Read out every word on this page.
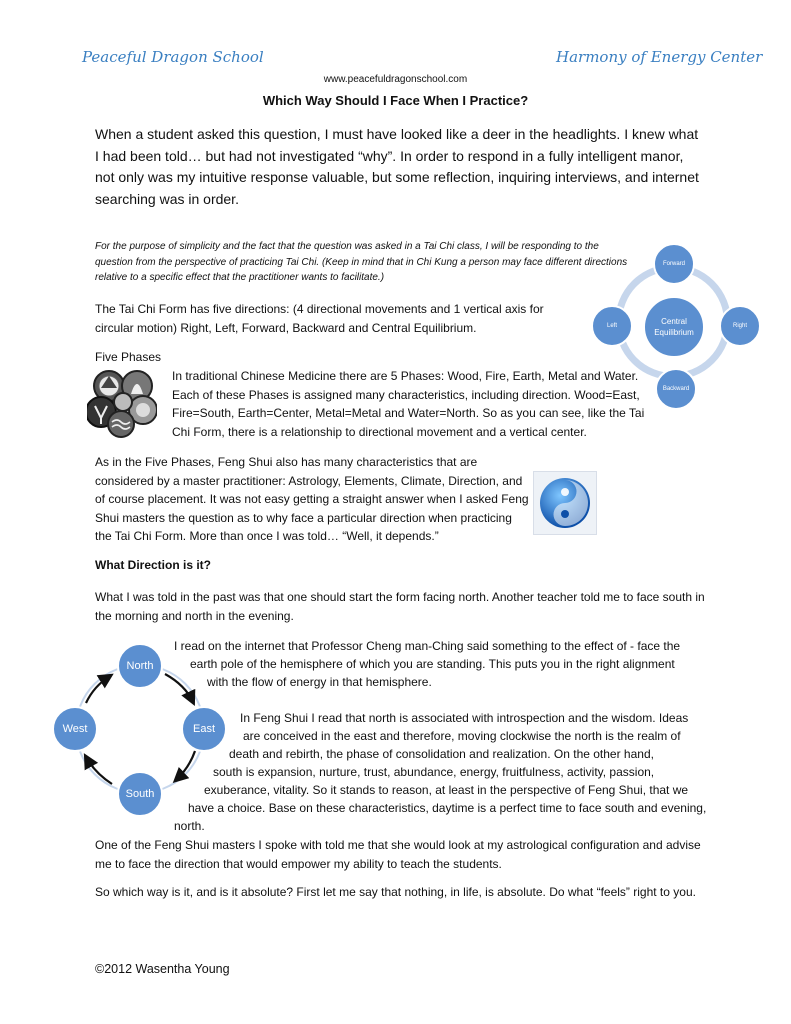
Peaceful Dragon School	Harmony of Energy Center
www.peacefuldragonschool.com
Which Way Should I Face When I Practice?
When a student asked this question, I must have looked like a deer in the headlights. I knew what I had been told… but had not investigated “why”. In order to respond in a fully intelligent manor, not only was my intuitive response valuable, but some reflection, inquiring interviews, and internet searching was in order.
For the purpose of simplicity and the fact that the question was asked in a Tai Chi class, I will be responding to the question from the perspective of practicing Tai Chi. (Keep in mind that in Chi Kung a person may face different directions relative to a specific effect that the practitioner wants to facilitate.)
The Tai Chi Form has five directions: (4 directional movements and 1 vertical axis for circular motion) Right, Left, Forward, Backward and Central Equilibrium.
Forward
Left	Central Equilibrium
Right
Backward
Five Phases
In traditional Chinese Medicine there are 5 Phases: Wood, Fire, Earth, Metal and Water. Each of these Phases is assigned many characteristics, including direction. Wood=East, Fire=South, Earth=Center, Metal=Metal and Water=North. So as you can see, like the Tai Chi Form, there is a relationship to directional movement and a vertical center.
As in the Five Phases, Feng Shui also has many characteristics that are considered by a master practitioner: Astrology, Elements, Climate, Direction, and of course placement. It was not easy getting a straight answer when I asked Feng Shui masters the question as to why face a particular direction when practicing the Tai Chi Form. More than once I was told… “Well, it depends.”
What Direction is it?
What I was told in the past was that one should start the form facing north. Another teacher told me to face south in the morning and north in the evening.
I read on the internet that Professor Cheng man-Ching said something to the effect of - face the
earth pole of the hemisphere of which you are standing. This puts you in the right alignment
with the flow of energy in that hemisphere.
In Feng Shui I read that north is associated with introspection and the wisdom. Ideas
are conceived in the east and therefore, moving clockwise the north is the realm of
death and rebirth, the phase of consolidation and realization. On the other hand,
south is expansion, nurture, trust, abundance, energy, fruitfulness, activity, passion,
exuberance, vitality. So it stands to reason, at least in the perspective of Feng Shui, that we
have a choice. Base on these characteristics, daytime is a perfect time to face south and evening,
north.
North
East
South
West
One of the Feng Shui masters I spoke with told me that she would look at my astrological configuration and advise me to face the direction that would empower my ability to teach the students.
So which way is it, and is it absolute? First let me say that nothing, in life, is absolute. Do what “feels” right to you.
©2012 Wasentha Young
